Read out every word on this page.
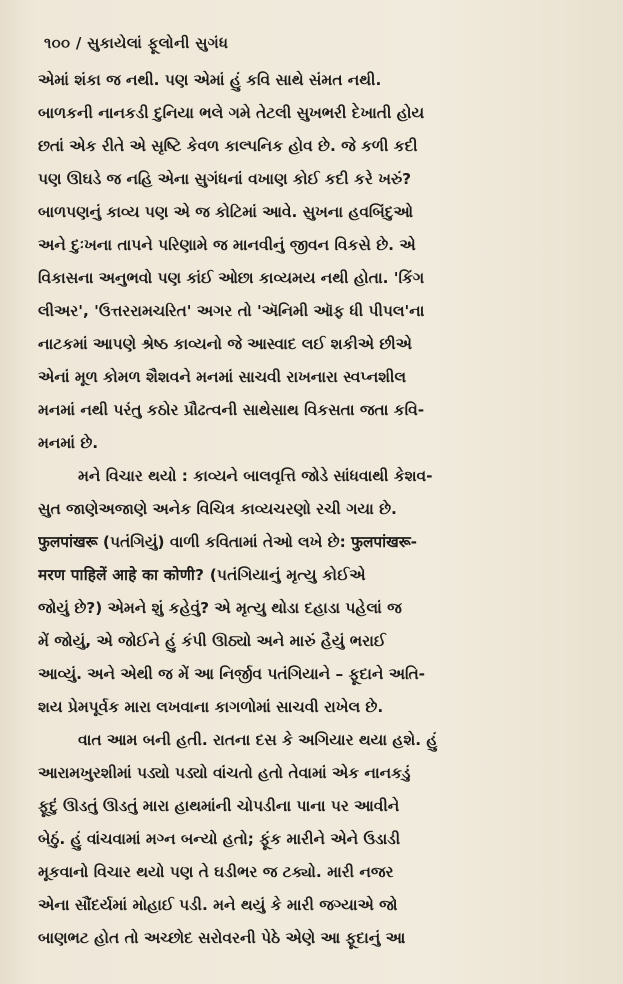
૧૦૦ / સુકાયેલાં ફૂલોની સુગંધ
એમાં શંકા જ નથી. પણ એમાં હું કવિ સાથે સંમત નથી.
બાળકની નાનકડી દુનિયા ભલે ગમે તેટલી સુખભરી દેખાતી હોય
છતાં એક રીતે એ સૃષ્ટિ કેવળ કાલ્પનિક હોવ છે. જે કળી કદી
પણ ઊઘડે જ નહિ એના સુગંધનાં વખાણ કોઈ કદી કરે ખરું?
બાળપણનું કાવ્ય પણ એ જ કોટિમાં આવે. સુખના હવબિંદુઓ
અને દુઃખના તાપને પરિણામે જ માનવીનું જીવન વિકસે છે. એ
વિકાસના અનુભવો પણ કાંઈ ઓછા કાવ્યમય નથી હોતા. 'કિંગ
લીઅર', 'ઉત્તરરામચરિત' અગર તો 'ઍનિમી ઑફ ધી પીપલ'ના
નાટકમાં આપણે શ્રેષ્ઠ કાવ્યનો જે આસ્વાદ લઈ શકીએ છીએ
એનાં મૂળ કોમળ શૈશવને મનમાં સાચવી રાખનારા સ્વપ્નશીલ
મનમાં નથી પરંતુ કઠોર પ્રૌઢત્વની સાથેસાથ વિકસતા જતા કવિ-
મનમાં છે.
મને વિચાર થયો : કાવ્યને બાલવૃત્તિ જોડે સાંધવાથી કેશવ-
સુત જાણેઅજાણે અનેક વિચિત્ર કાવ્યચરણો રચી ગયા છે.
फुलपांखरू (પતંગિયું) વાળી કવિતામાં તેઓ લખે છે: फुलपांखरू-
मरण पाहिलें आहे का कोणी? (પતંગિયાનું મૃત્યુ કોઈએ
જોયું છે?) એમને શું કહેવું? એ મૃત્યુ થોડા દહાડા પહેલાં જ
મેં જોયું, એ જોઈને હું કંપી ઊઠ્યો અને મારું હૈયું ભરાઈ
આવ્યું. અને એથી જ મેં આ નિર્જીવ પતંગિયાને – ફૂદાને અતિ-
શય પ્રેમપૂર્વક મારા લખવાના કાગળોમાં સાચવી રાખેલ છે.
વાત આમ બની હતી. રાતના દસ કે અગિયાર થયા હશે. હું
આરામખુરશીમાં પડ્યો પડ્યો વાંચતો હતો તેવામાં એક નાનકડું
ફૂદું ઊડતું ઊડતું મારા હાથમાંની ચોપડીના પાના પર આવીને
બેઠું. હું વાંચવામાં મગ્ન બન્યો હતો; ફૂંક મારીને એને ઉડાડી
મૂકવાનો વિચાર થયો પણ તે ઘડીભર જ ટક્યો. મારી નજર
એના સૌંદર્યમાં મોહાઈ પડી. મને થયું કે મારી જગ્યાએ જો
બાણભટ હોત તો અચ્છોદ સરોવરની પેઠે એણે આ ફૂદાનું આ
